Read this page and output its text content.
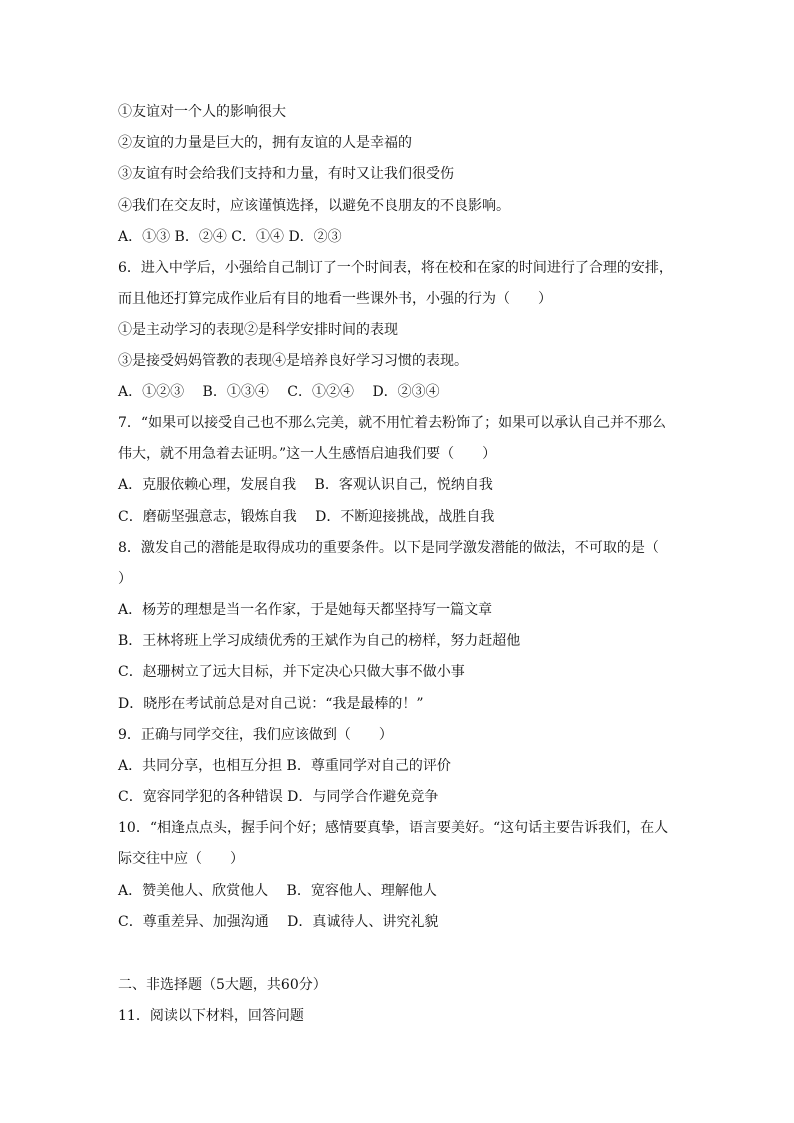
①友谊对一个人的影响很大
②友谊的力量是巨大的，拥有友谊的人是幸福的
③友谊有时会给我们支持和力量，有时又让我们很受伤
④我们在交友时，应该谨慎选择，以避免不良朋友的不良影响。
A．①③ B．②④ C．①④ D．②③
6．进入中学后，小强给自己制订了一个时间表，将在校和在家的时间进行了合理的安排，
而且他还打算完成作业后有目的地看一些课外书，小强的行为（　　）
①是主动学习的表现②是科学安排时间的表现
③是接受妈妈管教的表现④是培养良好学习习惯的表现。
A．①②③　 B．①③④　 C．①②④　 D．②③④
7．“如果可以接受自己也不那么完美，就不用忙着去粉饰了；如果可以承认自己并不那么
伟大，就不用急着去证明。”这一人生感悟启迪我们要（　　）
A．克服依赖心理，发展自我　 B．客观认识自己，悦纳自我
C．磨砺坚强意志，锻炼自我　 D．不断迎接挑战，战胜自我
8．激发自己的潜能是取得成功的重要条件。以下是同学激发潜能的做法，不可取的是（
）
A．杨芳的理想是当一名作家，于是她每天都坚持写一篇文章
B．王林将班上学习成绩优秀的王斌作为自己的榜样，努力赶超他
C．赵珊树立了远大目标，并下定决心只做大事不做小事
D．晓彤在考试前总是对自己说：“我是最棒的！”
9．正确与同学交往，我们应该做到（　　）
A．共同分享，也相互分担 B．尊重同学对自己的评价
C．宽容同学犯的各种错误 D．与同学合作避免竞争
10．“相逢点点头，握手问个好；感情要真挚，语言要美好。“这句话主要告诉我们，在人
际交往中应（　　）
A．赞美他人、欣赏他人　 B．宽容他人、理解他人
C．尊重差异、加强沟通　 D．真诚待人、讲究礼貌
二、非选择题（5大题，共60分）
11．阅读以下材料，回答问题
